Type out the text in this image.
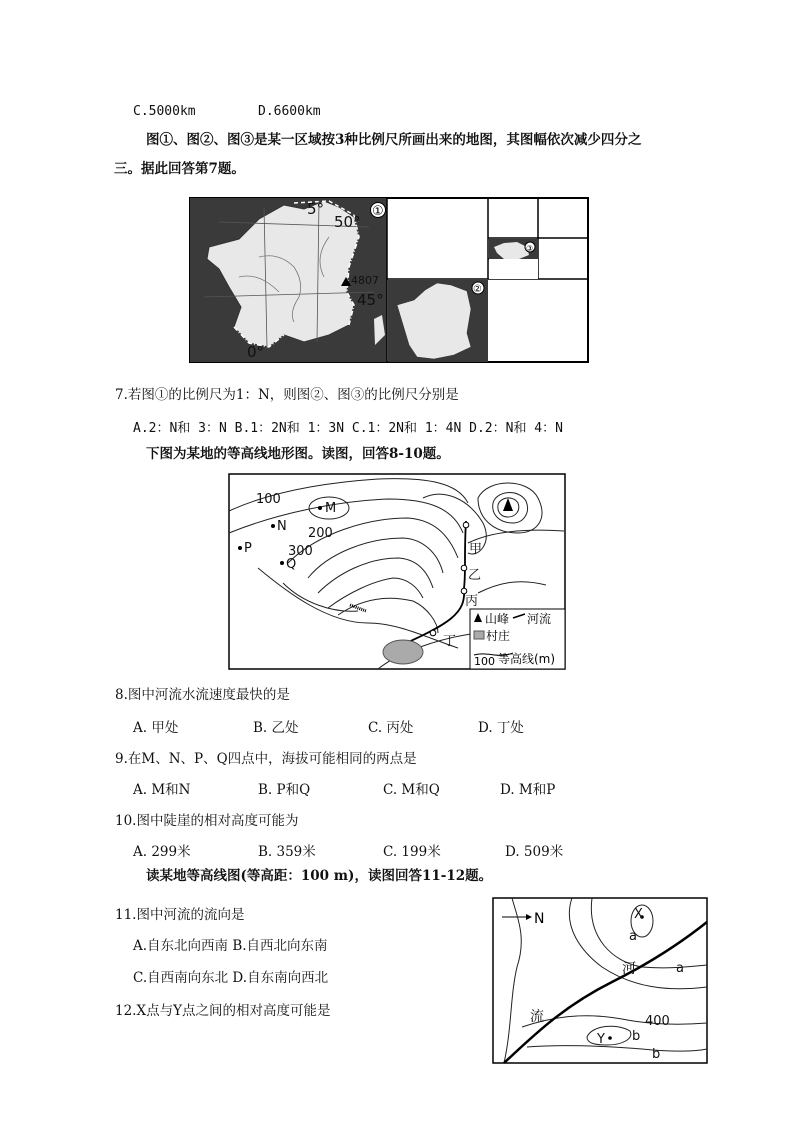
C.5000km	D.6600km
图①、图②、图③是某一区域按3种比例尺所画出来的地图，其图幅依次减少四分之
三。据此回答第7题。
4807
5°
50°
45°
0°
①
②
③
7.若图①的比例尺为1：N，则图②、图③的比例尺分别是
A.2：N和 3：N B.1：2N和 1：3N C.1：2N和 1：4N D.2：N和 4：N
下图为某地的等高线地形图。读图，回答8-10题。
100
200
300
M
N
P
Q
甲
乙
丙
丁
山峰 河流
村庄
100 等高线(m)
8.图中河流水流速度最快的是
A. 甲处	B. 乙处	C. 丙处	D. 丁处
9.在M、N、P、Q四点中，海拔可能相同的两点是
A. M和N	B. P和Q	C. M和Q	D. M和P
10.图中陡崖的相对高度可能为
A. 299米	B. 359米	C. 199米	D. 509米
读某地等高线图(等高距：100 m)，读图回答11-12题。
11.图中河流的流向是
A.自东北向西南 B.自西北向东南
C.自西南向东北 D.自东南向西北
12.X点与Y点之间的相对高度可能是
N	X
Y
a
a
b
b
河
流	400
